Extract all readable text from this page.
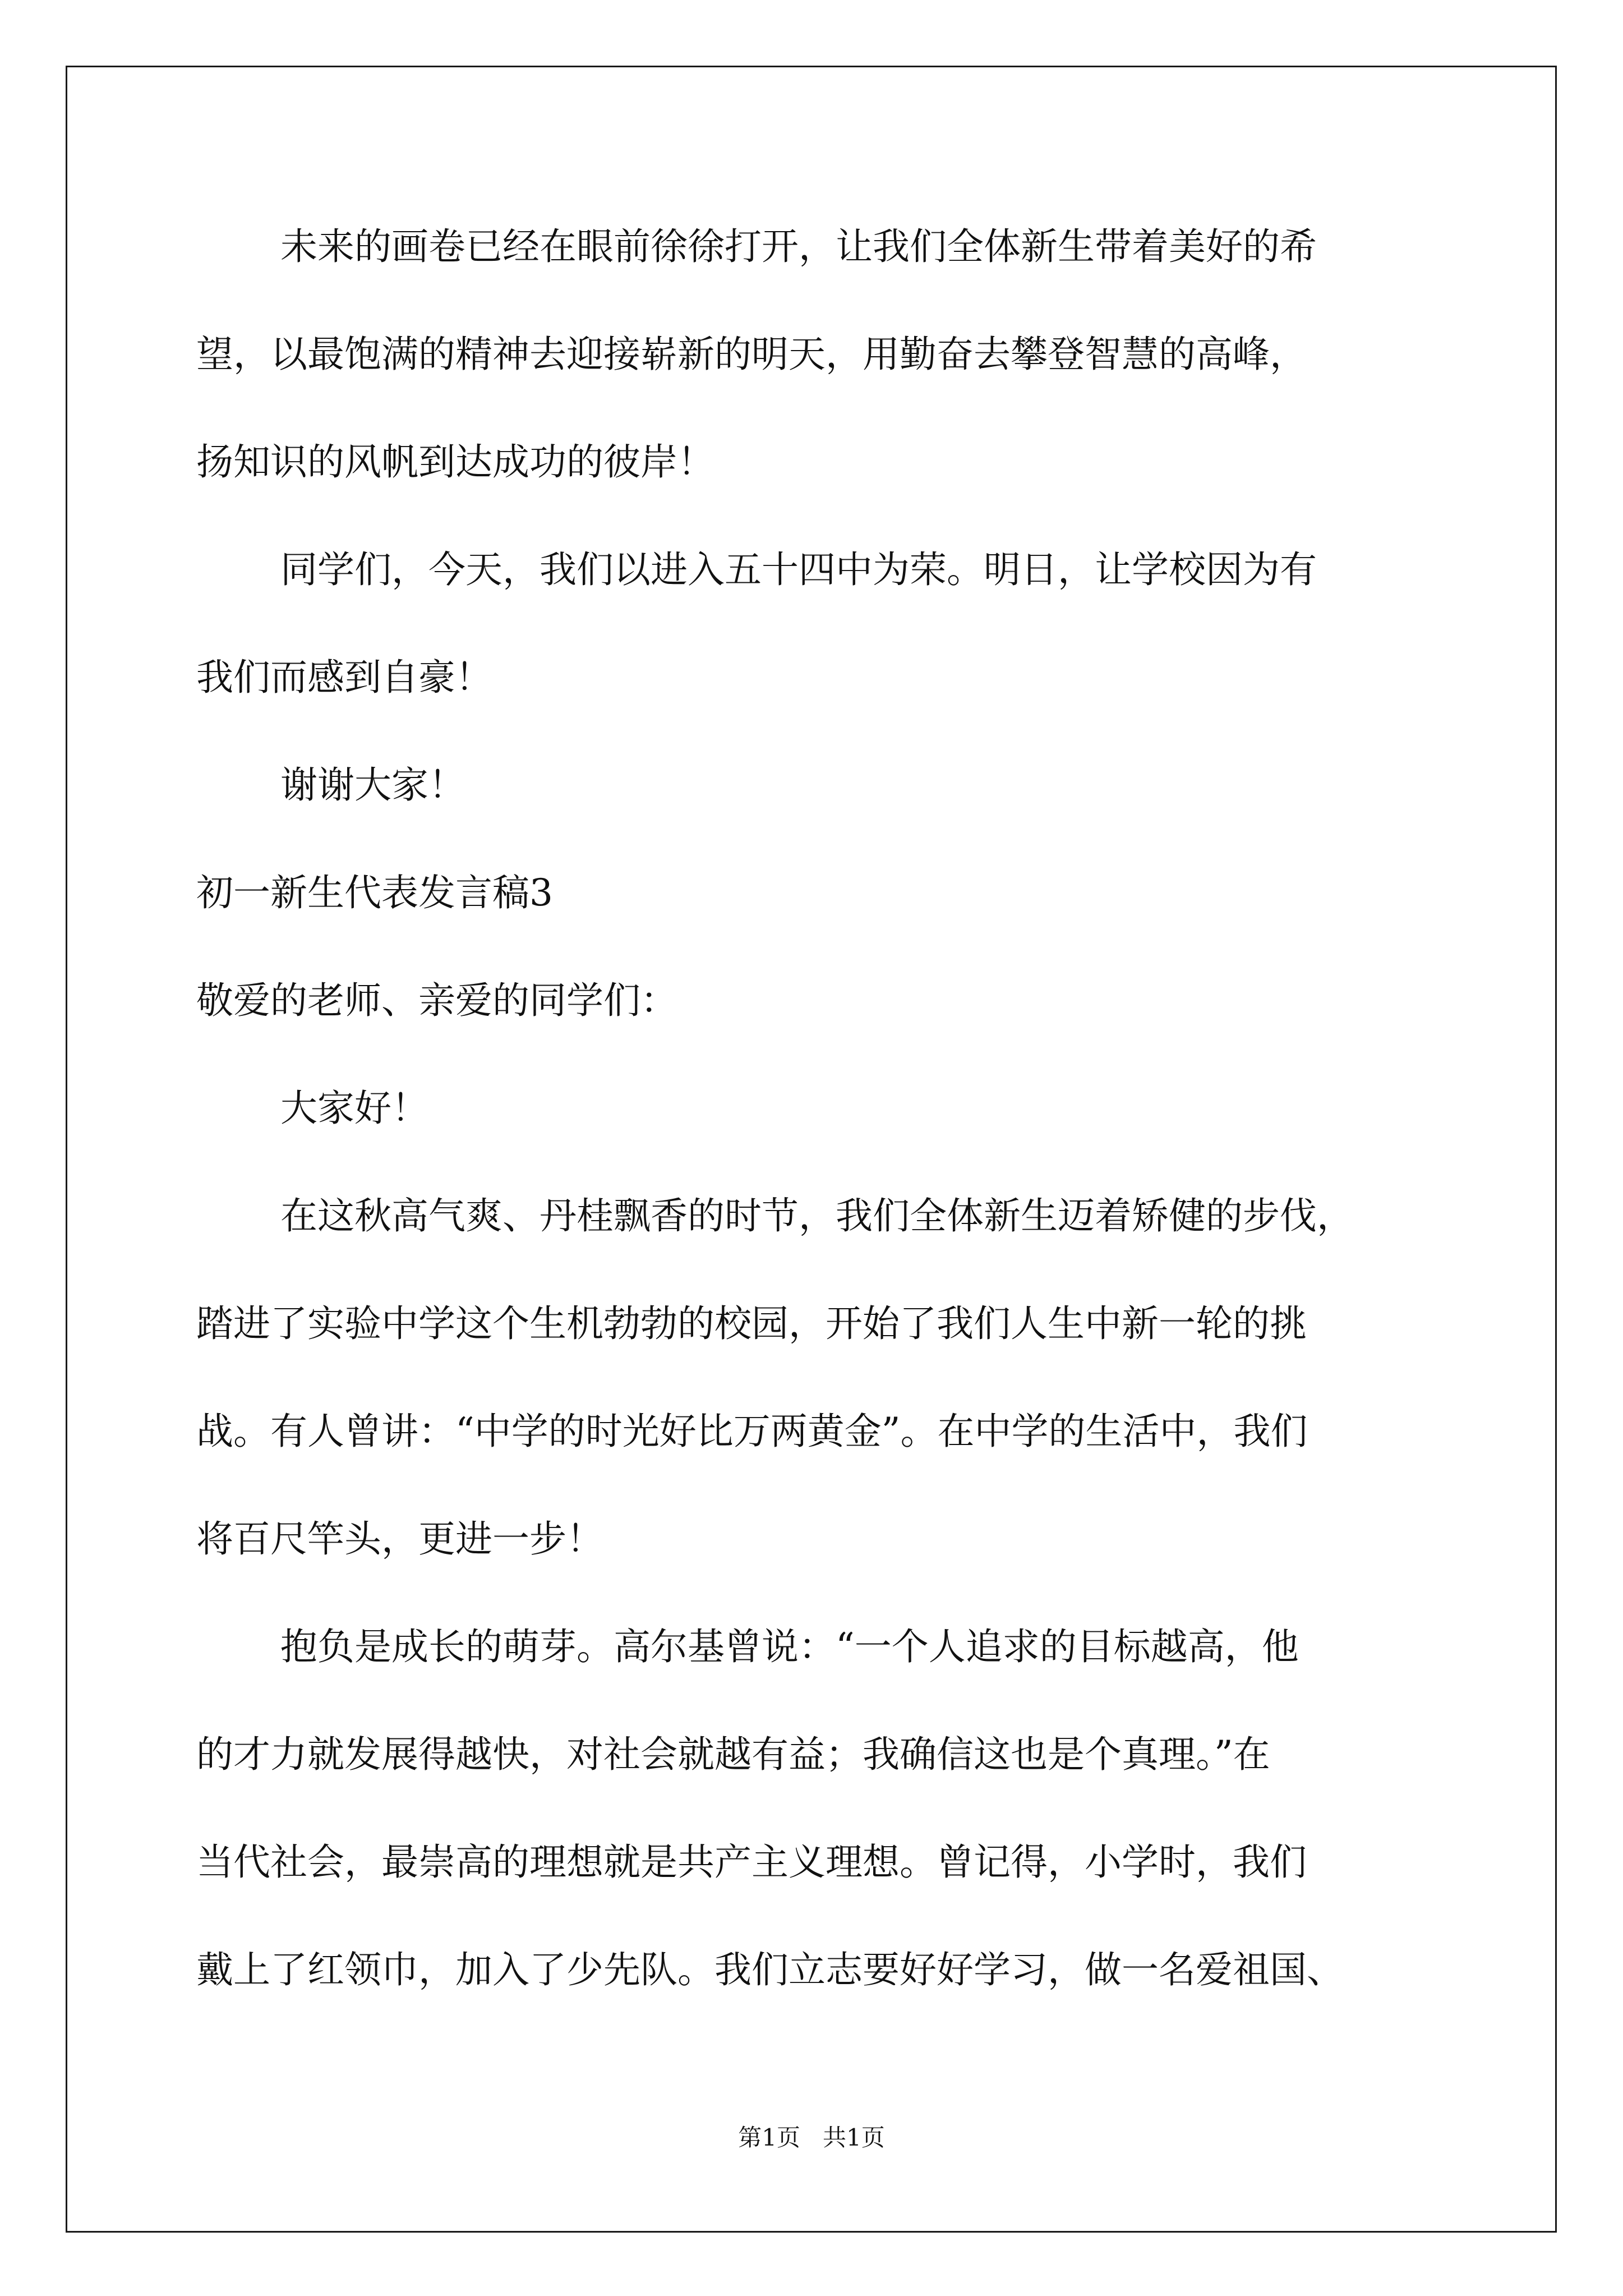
未来的画卷已经在眼前徐徐打开，让我们全体新生带着美好的希
望，以最饱满的精神去迎接崭新的明天，用勤奋去攀登智慧的高峰，
扬知识的风帆到达成功的彼岸！
同学们，今天，我们以进入五十四中为荣。明日，让学校因为有
我们而感到自豪！
谢谢大家！
初一新生代表发言稿3
敬爱的老师、亲爱的同学们：
大家好！
在这秋高气爽、丹桂飘香的时节，我们全体新生迈着矫健的步伐，
踏进了实验中学这个生机勃勃的校园，开始了我们人生中新一轮的挑
战。有人曾讲：“中学的时光好比万两黄金”。在中学的生活中，我们
将百尺竿头，更进一步！
抱负是成长的萌芽。高尔基曾说：“一个人追求的目标越高，他
的才力就发展得越快，对社会就越有益；我确信这也是个真理。”在
当代社会，最崇高的理想就是共产主义理想。曾记得，小学时，我们
戴上了红领巾，加入了少先队。我们立志要好好学习，做一名爱祖国、
第1页   共1页
